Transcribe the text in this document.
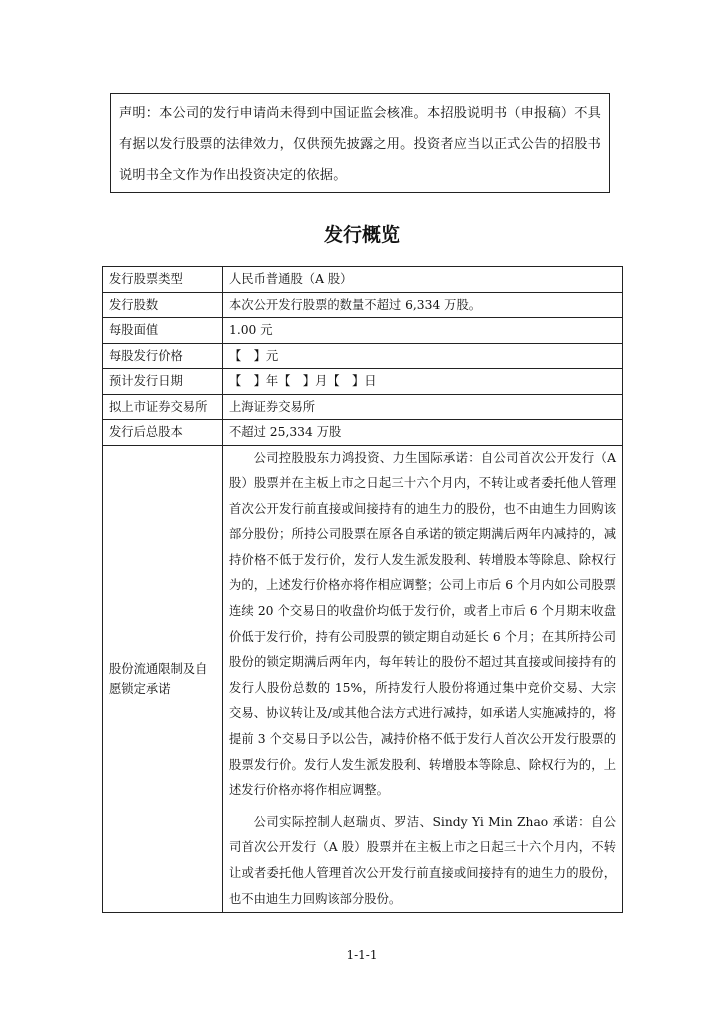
声明：本公司的发行申请尚未得到中国证监会核准。本招股说明书（申报稿）不具有据以发行股票的法律效力，仅供预先披露之用。投资者应当以正式公告的招股书说明书全文作为作出投资决定的依据。
发行概览
发行股票类型	人民币普通股（A 股）
发行股数	本次公开发行股票的数量不超过 6,334 万股。
每股面值	1.00 元
每股发行价格	【　】元
预计发行日期	【　】年【　】月【　】日
拟上市证券交易所	上海证券交易所
发行后总股本	不超过 25,334 万股
股份流通限制及自愿锁定承诺	公司控股股东力鸿投资、力生国际承诺：自公司首次公开发行（A 股）股票并在主板上市之日起三十六个月内，不转让或者委托他人管理首次公开发行前直接或间接持有的迪生力的股份，也不由迪生力回购该部分股份；所持公司股票在原各自承诺的锁定期满后两年内减持的，减持价格不低于发行价，发行人发生派发股利、转增股本等除息、除权行为的，上述发行价格亦将作相应调整；公司上市后 6 个月内如公司股票连续 20 个交易日的收盘价均低于发行价，或者上市后 6 个月期末收盘价低于发行价，持有公司股票的锁定期自动延长 6 个月；在其所持公司股份的锁定期满后两年内，每年转让的股份不超过其直接或间接持有的发行人股份总数的 15%，所持发行人股份将通过集中竞价交易、大宗交易、协议转让及/或其他合法方式进行减持，如承诺人实施减持的，将提前 3 个交易日予以公告，减持价格不低于发行人首次公开发行股票的股票发行价。发行人发生派发股利、转增股本等除息、除权行为的，上述发行价格亦将作相应调整。

公司实际控制人赵瑞贞、罗洁、Sindy Yi Min Zhao 承诺：自公司首次公开发行（A 股）股票并在主板上市之日起三十六个月内，不转让或者委托他人管理首次公开发行前直接或间接持有的迪生力的股份，也不由迪生力回购该部分股份。

1-1-1
